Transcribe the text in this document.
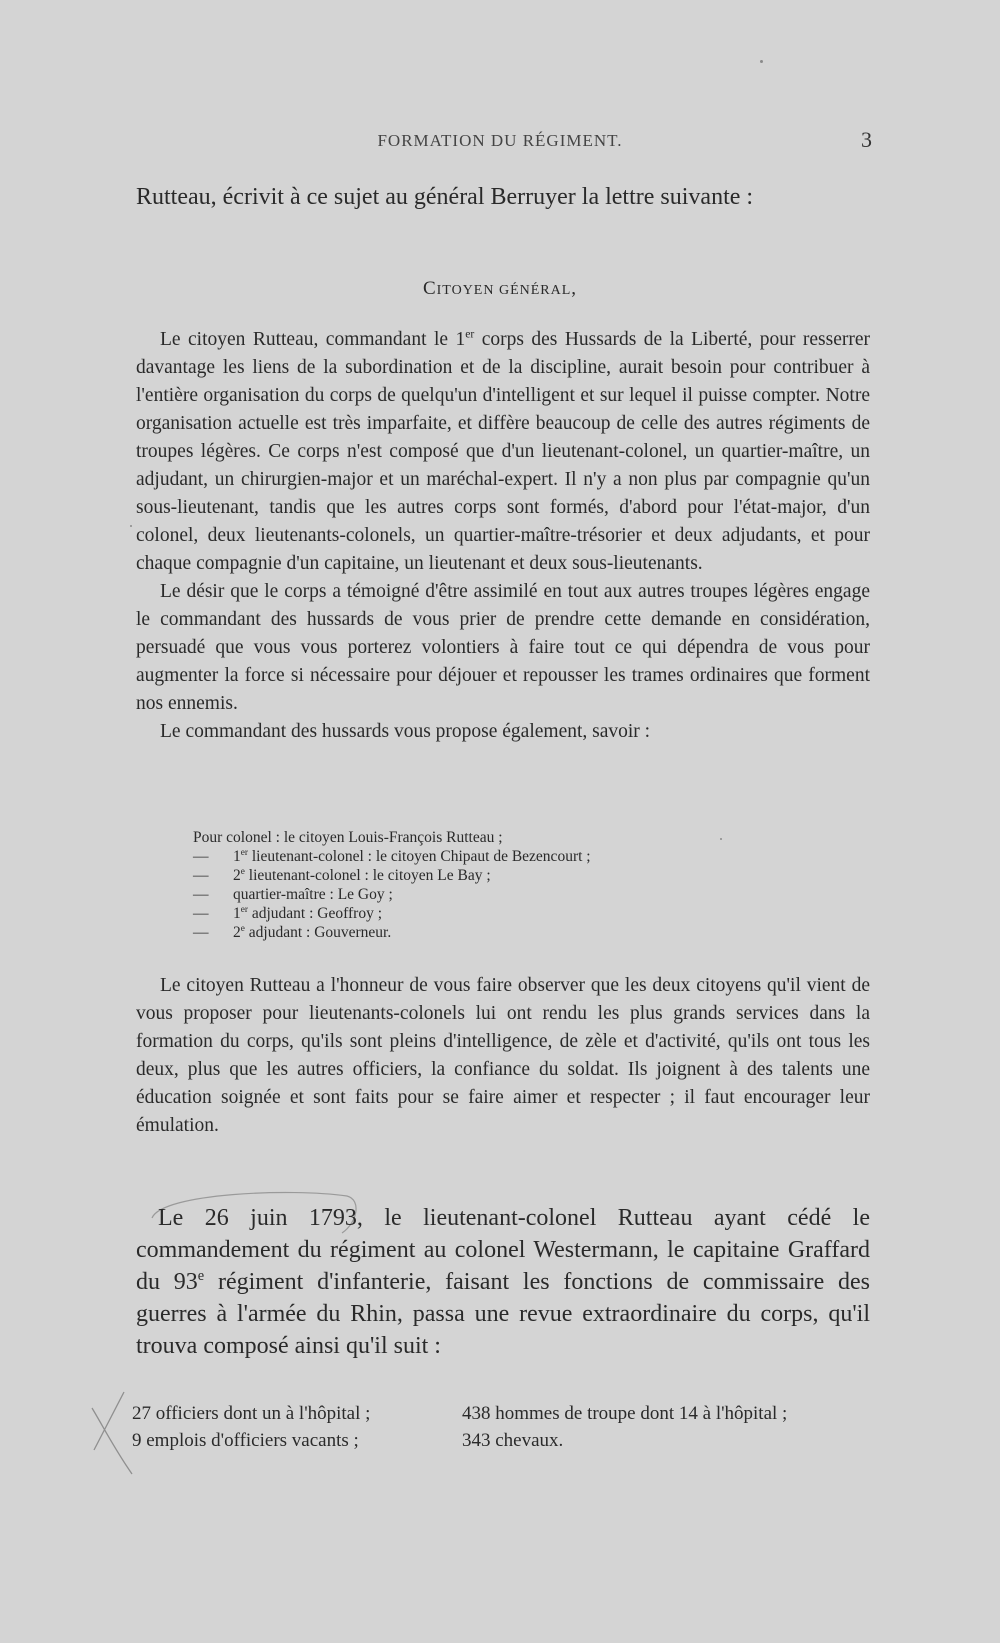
FORMATION DU RÉGIMENT.	3
Rutteau, écrivit à ce sujet au général Berruyer la lettre suivante :
CITOYEN GÉNÉRAL,

Le citoyen Rutteau, commandant le 1er corps des Hussards de la Liberté, pour resserrer davantage les liens de la subordination et de la discipline, aurait besoin pour contribuer à l'entière organisation du corps de quelqu'un d'intelligent et sur lequel il puisse compter. Notre organisation actuelle est très imparfaite, et diffère beaucoup de celle des autres régiments de troupes légères. Ce corps n'est composé que d'un lieutenant-colonel, un quartier-maître, un adjudant, un chirurgien-major et un maréchal-expert. Il n'y a non plus par compagnie qu'un sous-lieutenant, tandis que les autres corps sont formés, d'abord pour l'état-major, d'un colonel, deux lieutenants-colonels, un quartier-maître-trésorier et deux adjudants, et pour chaque compagnie d'un capitaine, un lieutenant et deux sous-lieutenants.

Le désir que le corps a témoigné d'être assimilé en tout aux autres troupes légères engage le commandant des hussards de vous prier de prendre cette demande en considération, persuadé que vous vous porterez volontiers à faire tout ce qui dépendra de vous pour augmenter la force si nécessaire pour déjouer et repousser les trames ordinaires que forment nos ennemis.

Le commandant des hussards vous propose également, savoir :

Pour colonel : le citoyen Louis-François Rutteau ;
—	1er lieutenant-colonel : le citoyen Chipaut de Bezencourt ;
—	2e lieutenant-colonel : le citoyen Le Bay ;
—	quartier-maître : Le Goy ;
—	1er adjudant : Geoffroy ;
—	2e adjudant : Gouverneur.

Le citoyen Rutteau a l'honneur de vous faire observer que les deux citoyens qu'il vient de vous proposer pour lieutenants-colonels lui ont rendu les plus grands services dans la formation du corps, qu'ils sont pleins d'intelligence, de zèle et d'activité, qu'ils ont tous les deux, plus que les autres officiers, la confiance du soldat. Ils joignent à des talents une éducation soignée et sont faits pour se faire aimer et respecter ; il faut encourager leur émulation.

Le 26 juin 1793, le lieutenant-colonel Rutteau ayant cédé le commandement du régiment au colonel Westermann, le capitaine Graffard du 93e régiment d'infanterie, faisant les fonctions de commissaire des guerres à l'armée du Rhin, passa une revue extraordinaire du corps, qu'il trouva composé ainsi qu'il suit :

27 officiers dont un à l'hôpital ;	438 hommes de troupe dont 14 à l'hôpital ;
9 emplois d'officiers vacants ;	343 chevaux.
